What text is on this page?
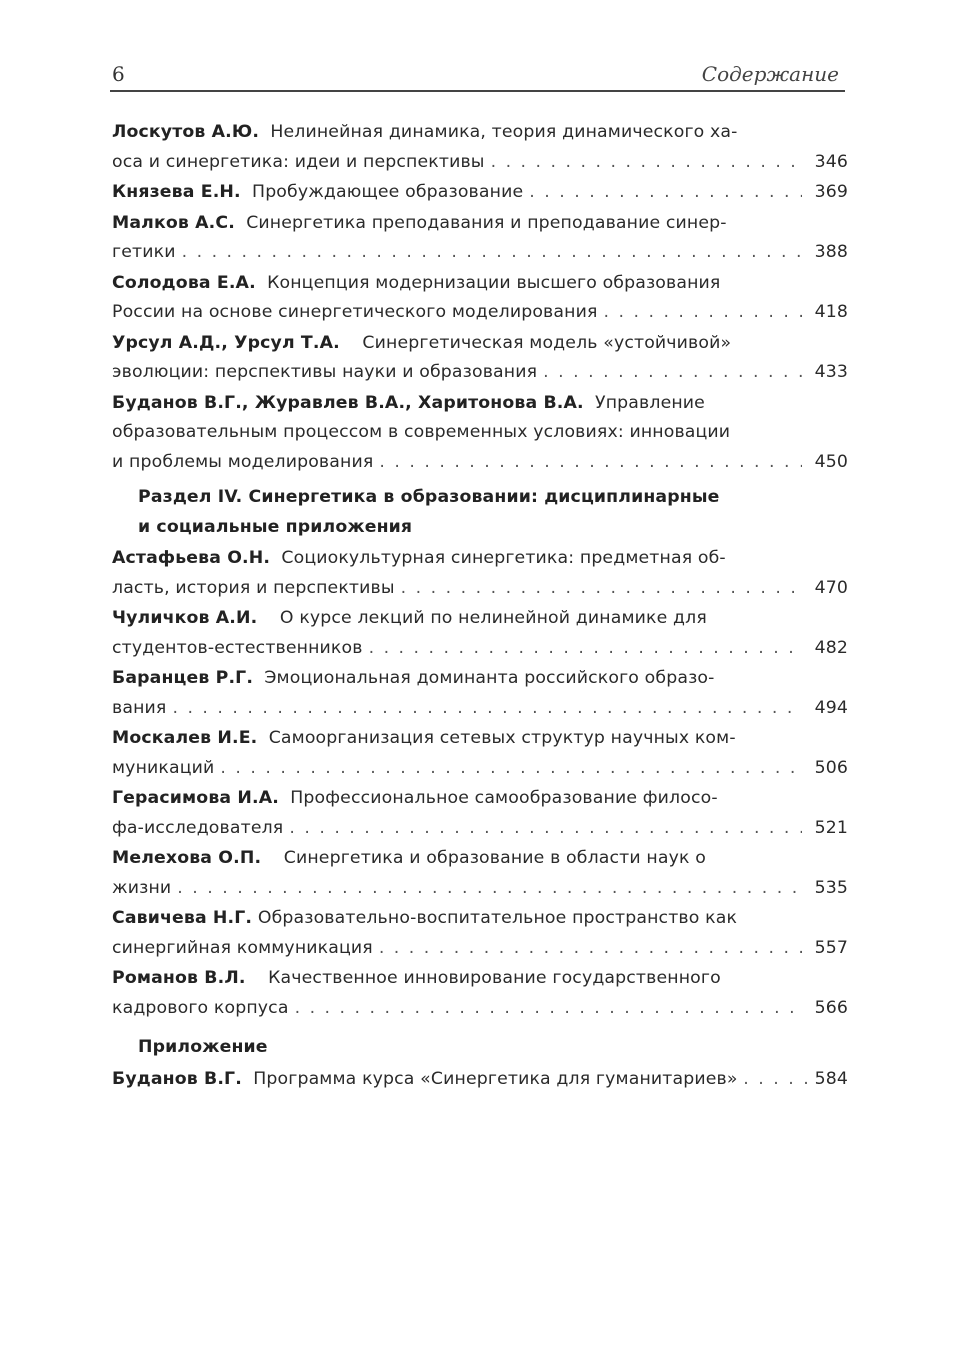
6	Содержание
Лоскутов А.Ю. Нелинейная динамика, теория динамического ха-
оса и синергетика: идеи и перспективы . . .	346
Князева Е.Н.
Пробуждающее образование . . .	369
Малков А.С.
Синергетика преподавания и преподавание синер-
гетики . . .	388
Солодова Е.А.
Концепция модернизации высшего образования
России на основе синергетического моделирования . . .	418
Урсул А.Д., Урсул Т.А.
Синергетическая модель «устойчивой»
эволюции: перспективы науки и образования . . .	433
Буданов В.Г., Журавлев В.А., Харитонова В.А.
Управление
образовательным процессом в современных условиях: инновации
и проблемы моделирования . . .	450
Раздел IV. Синергетика в образовании: дисциплинарные
и социальные приложения
Астафьева О.Н.
Социокультурная синергетика: предметная об-
ласть, история и перспективы . . .	470
Чуличков А.И.
О курсе лекций по нелинейной динамике для
студентов-естественников . . .	482
Баранцев Р.Г.
Эмоциональная доминанта российского образо-
вания . . .	494
Москалев И.Е.
Самоорганизация сетевых структур научных ком-
муникаций . . .	506
Герасимова И.А.
Профессиональное самообразование филосо-
фа-исследователя . . .	521
Мелехова О.П.
Синергетика и образование в области наук о
жизни . . .	535
Савичева Н.Г.
Образовательно-воспитательное пространство как
синергийная коммуникация . . .	557
Романов В.Л.
Качественное инновирование государственного
кадрового корпуса . . .	566
Приложение
Буданов В.Г.
Программа курса «Синергетика для гуманитариев»
. . .	584
